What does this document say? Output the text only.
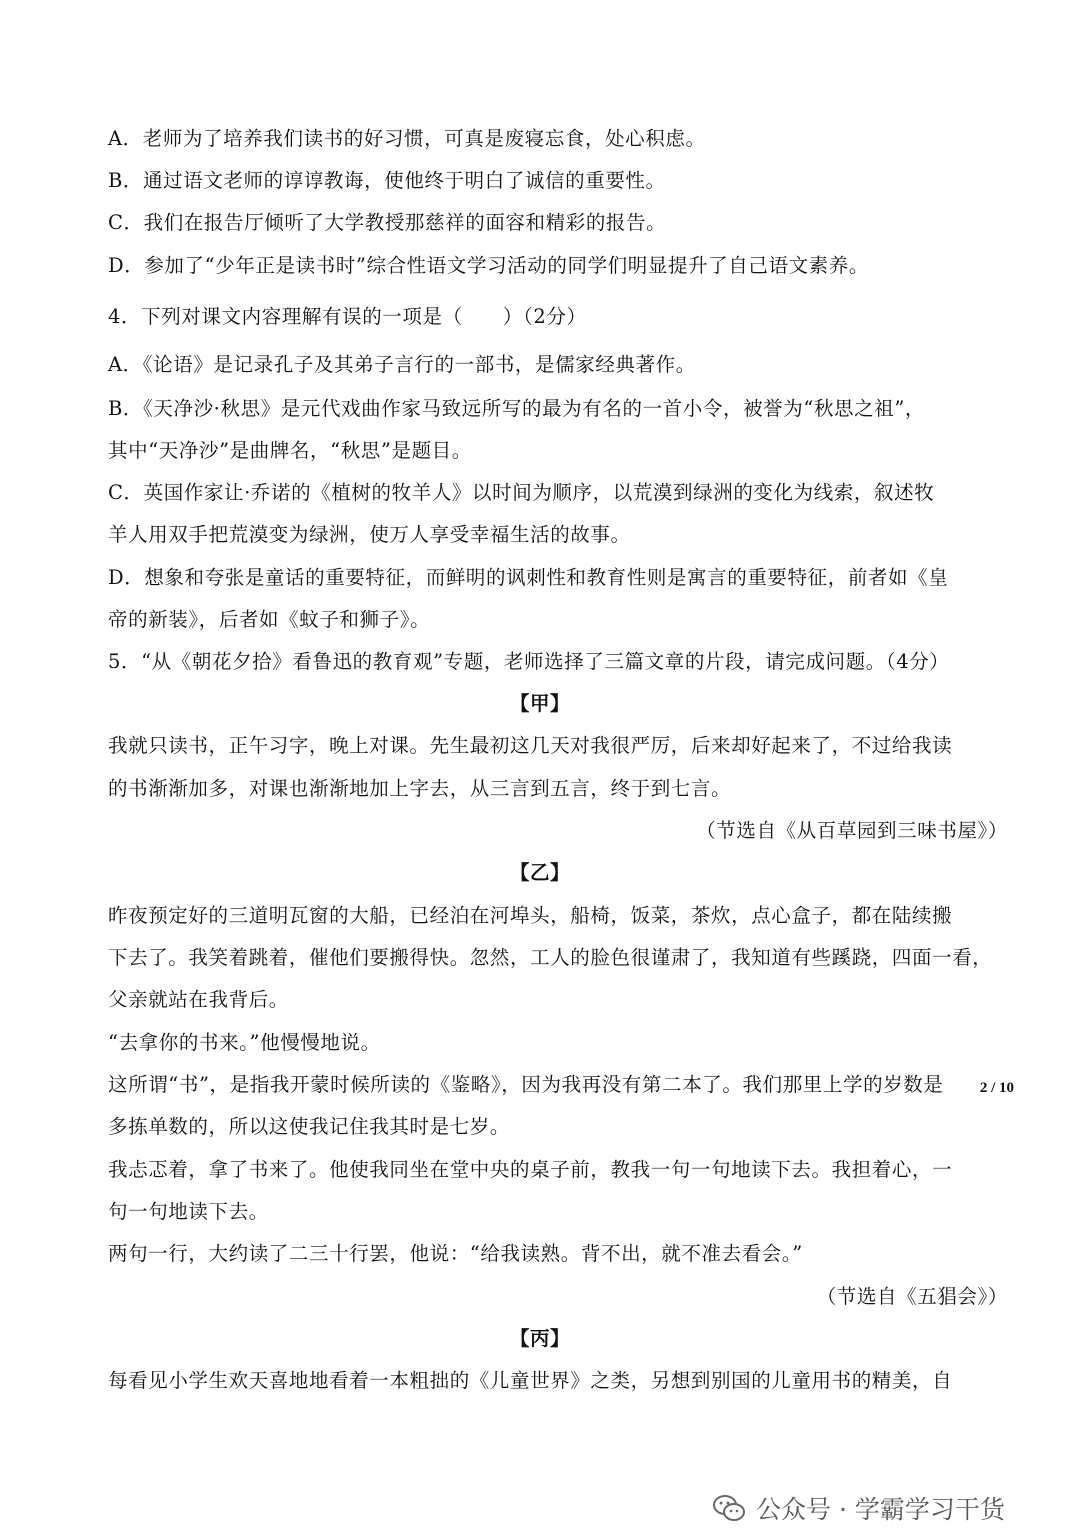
A．老师为了培养我们读书的好习惯，可真是废寝忘食，处心积虑。
B．通过语文老师的谆谆教诲，使他终于明白了诚信的重要性。
C．我们在报告厅倾听了大学教授那慈祥的面容和精彩的报告。
D．参加了“少年正是读书时”综合性语文学习活动的同学们明显提升了自己语文素养。
4．下列对课文内容理解有误的一项是（　　）（2分）
A．《论语》是记录孔子及其弟子言行的一部书，是儒家经典著作。
B．《天净沙·秋思》是元代戏曲作家马致远所写的最为有名的一首小令，被誉为“秋思之祖”，
其中“天净沙”是曲牌名，“秋思”是题目。
C．英国作家让·乔诺的《植树的牧羊人》以时间为顺序，以荒漠到绿洲的变化为线索，叙述牧
羊人用双手把荒漠变为绿洲，使万人享受幸福生活的故事。
D．想象和夸张是童话的重要特征，而鲜明的讽刺性和教育性则是寓言的重要特征，前者如《皇
帝的新装》，后者如《蚊子和狮子》。
5．“从《朝花夕拾》看鲁迅的教育观”专题，老师选择了三篇文章的片段，请完成问题。（4分）
【甲】
我就只读书，正午习字，晚上对课。先生最初这几天对我很严厉，后来却好起来了，不过给我读
的书渐渐加多，对课也渐渐地加上字去，从三言到五言，终于到七言。
（节选自《从百草园到三味书屋》）
【乙】
昨夜预定好的三道明瓦窗的大船，已经泊在河埠头，船椅，饭菜，茶炊，点心盒子，都在陆续搬
下去了。我笑着跳着，催他们要搬得快。忽然，工人的脸色很谨肃了，我知道有些蹊跷，四面一看，
父亲就站在我背后。
“去拿你的书来。”他慢慢地说。
这所谓“书”，是指我开蒙时候所读的《鉴略》，因为我再没有第二本了。我们那里上学的岁数是
多拣单数的，所以这使我记住我其时是七岁。
我忐忑着，拿了书来了。他使我同坐在堂中央的桌子前，教我一句一句地读下去。我担着心，一
句一句地读下去。
两句一行，大约读了二三十行罢，他说：“给我读熟。背不出，就不准去看会。”
（节选自《五猖会》）
【丙】
每看见小学生欢天喜地地看着一本粗拙的《儿童世界》之类，另想到别国的儿童用书的精美，自
2 / 10
公众号 · 学霸学习干货
